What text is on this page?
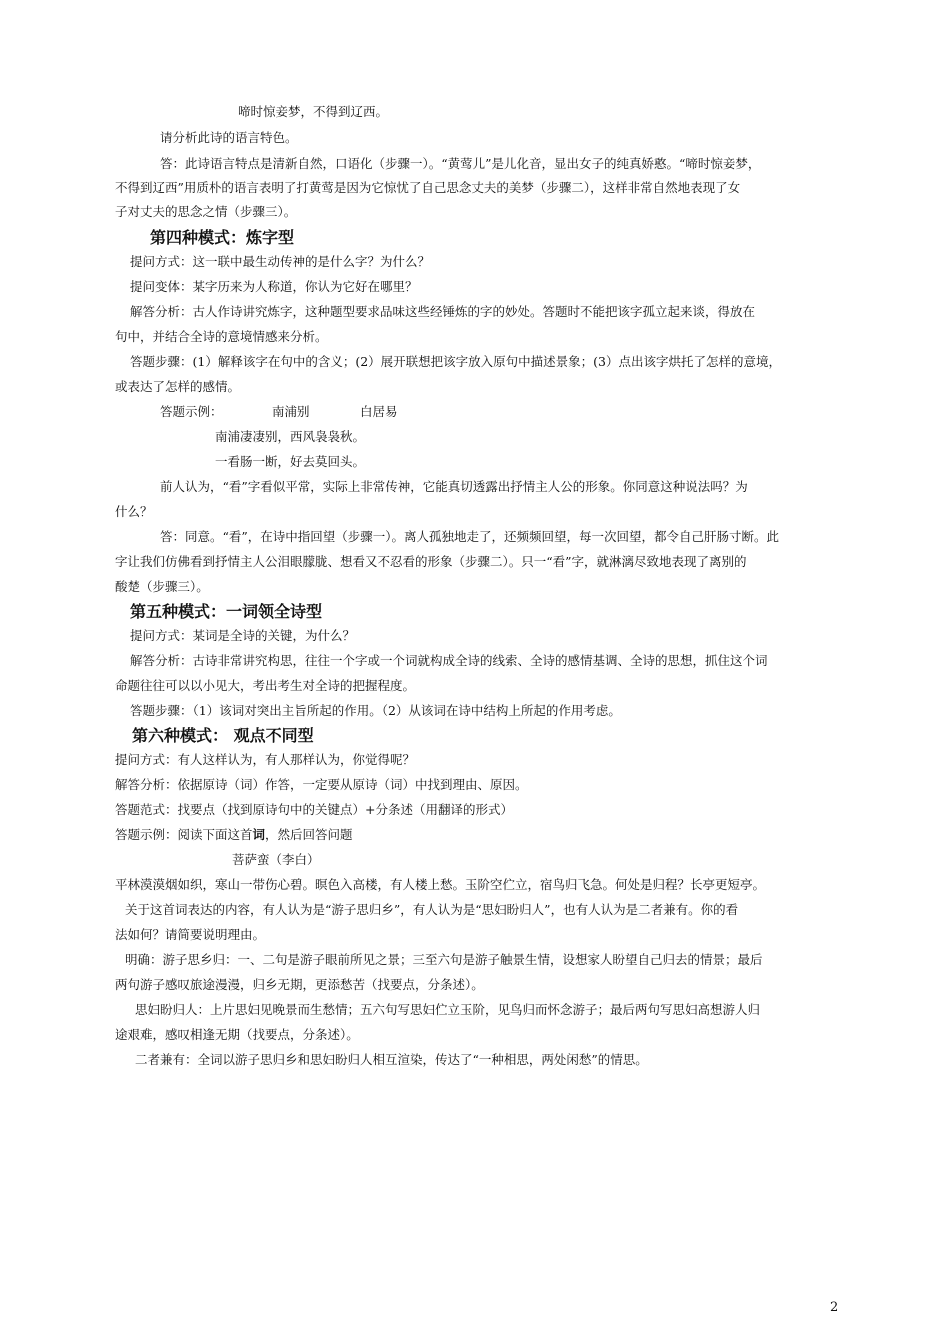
啼时惊妾梦，不得到辽西。
请分析此诗的语言特色。
答：此诗语言特点是清新自然，口语化（步骤一）。“黄莺儿”是儿化音，显出女子的纯真娇憨。“啼时惊妾梦，
不得到辽西”用质朴的语言表明了打黄莺是因为它惊忧了自己思念丈夫的美梦（步骤二），这样非常自然地表现了女
子对丈夫的思念之情（步骤三）。
第四种模式：炼字型
提问方式：这一联中最生动传神的是什么字？为什么？
提问变体：某字历来为人称道，你认为它好在哪里？
解答分析：古人作诗讲究炼字，这种题型要求品味这些经锤炼的字的妙处。答题时不能把该字孤立起来谈，得放在
句中，并结合全诗的意境情感来分析。
答题步骤：(1）解释该字在句中的含义；(2）展开联想把该字放入原句中描述景象；(3）点出该字烘托了怎样的意境，
或表达了怎样的感情。
答题示例：	南浦别	白居易
南浦凄凄别，西风袅袅秋。
一看肠一断，好去莫回头。
前人认为，“看”字看似平常，实际上非常传神，它能真切透露出抒情主人公的形象。你同意这种说法吗？为
什么？
答：同意。“看”，在诗中指回望（步骤一）。离人孤独地走了，还频频回望，每一次回望，都令自己肝肠寸断。此
字让我们仿佛看到抒情主人公泪眼朦胧、想看又不忍看的形象（步骤二）。只一“看”字，就淋漓尽致地表现了离别的
酸楚（步骤三）。
第五种模式：一词领全诗型
提问方式：某词是全诗的关键，为什么？
解答分析：古诗非常讲究构思，往往一个字或一个词就构成全诗的线索、全诗的感情基调、全诗的思想，抓住这个词
命题往往可以以小见大，考出考生对全诗的把握程度。
答题步骤：（1）该词对突出主旨所起的作用。（2）从该词在诗中结构上所起的作用考虑。
第六种模式： 观点不同型
提问方式：有人这样认为，有人那样认为，你觉得呢？
解答分析：依据原诗（词）作答，一定要从原诗（词）中找到理由、原因。
答题范式：找要点（找到原诗句中的关键点）+分条述（用翻译的形式）
答题示例：阅读下面这首词，然后回答问题
菩萨蛮（李白）
平林漠漠烟如织，寒山一带伤心碧。暝色入高楼，有人楼上愁。玉阶空伫立，宿鸟归飞急。何处是归程？长亭更短亭。
关于这首词表达的内容，有人认为是“游子思归乡”，有人认为是“思妇盼归人”，也有人认为是二者兼有。你的看
法如何？请简要说明理由。
明确：游子思乡归：一、二句是游子眼前所见之景；三至六句是游子触景生情，设想家人盼望自己归去的情景；最后
两句游子感叹旅途漫漫，归乡无期，更添愁苦（找要点，分条述）。
思妇盼归人：上片思妇见晚景而生愁情；五六句写思妇伫立玉阶，见鸟归而怀念游子；最后两句写思妇高想游人归
途艰难，感叹相逢无期（找要点，分条述）。
二者兼有：全词以游子思归乡和思妇盼归人相互渲染，传达了“一种相思，两处闲愁”的情思。
2
